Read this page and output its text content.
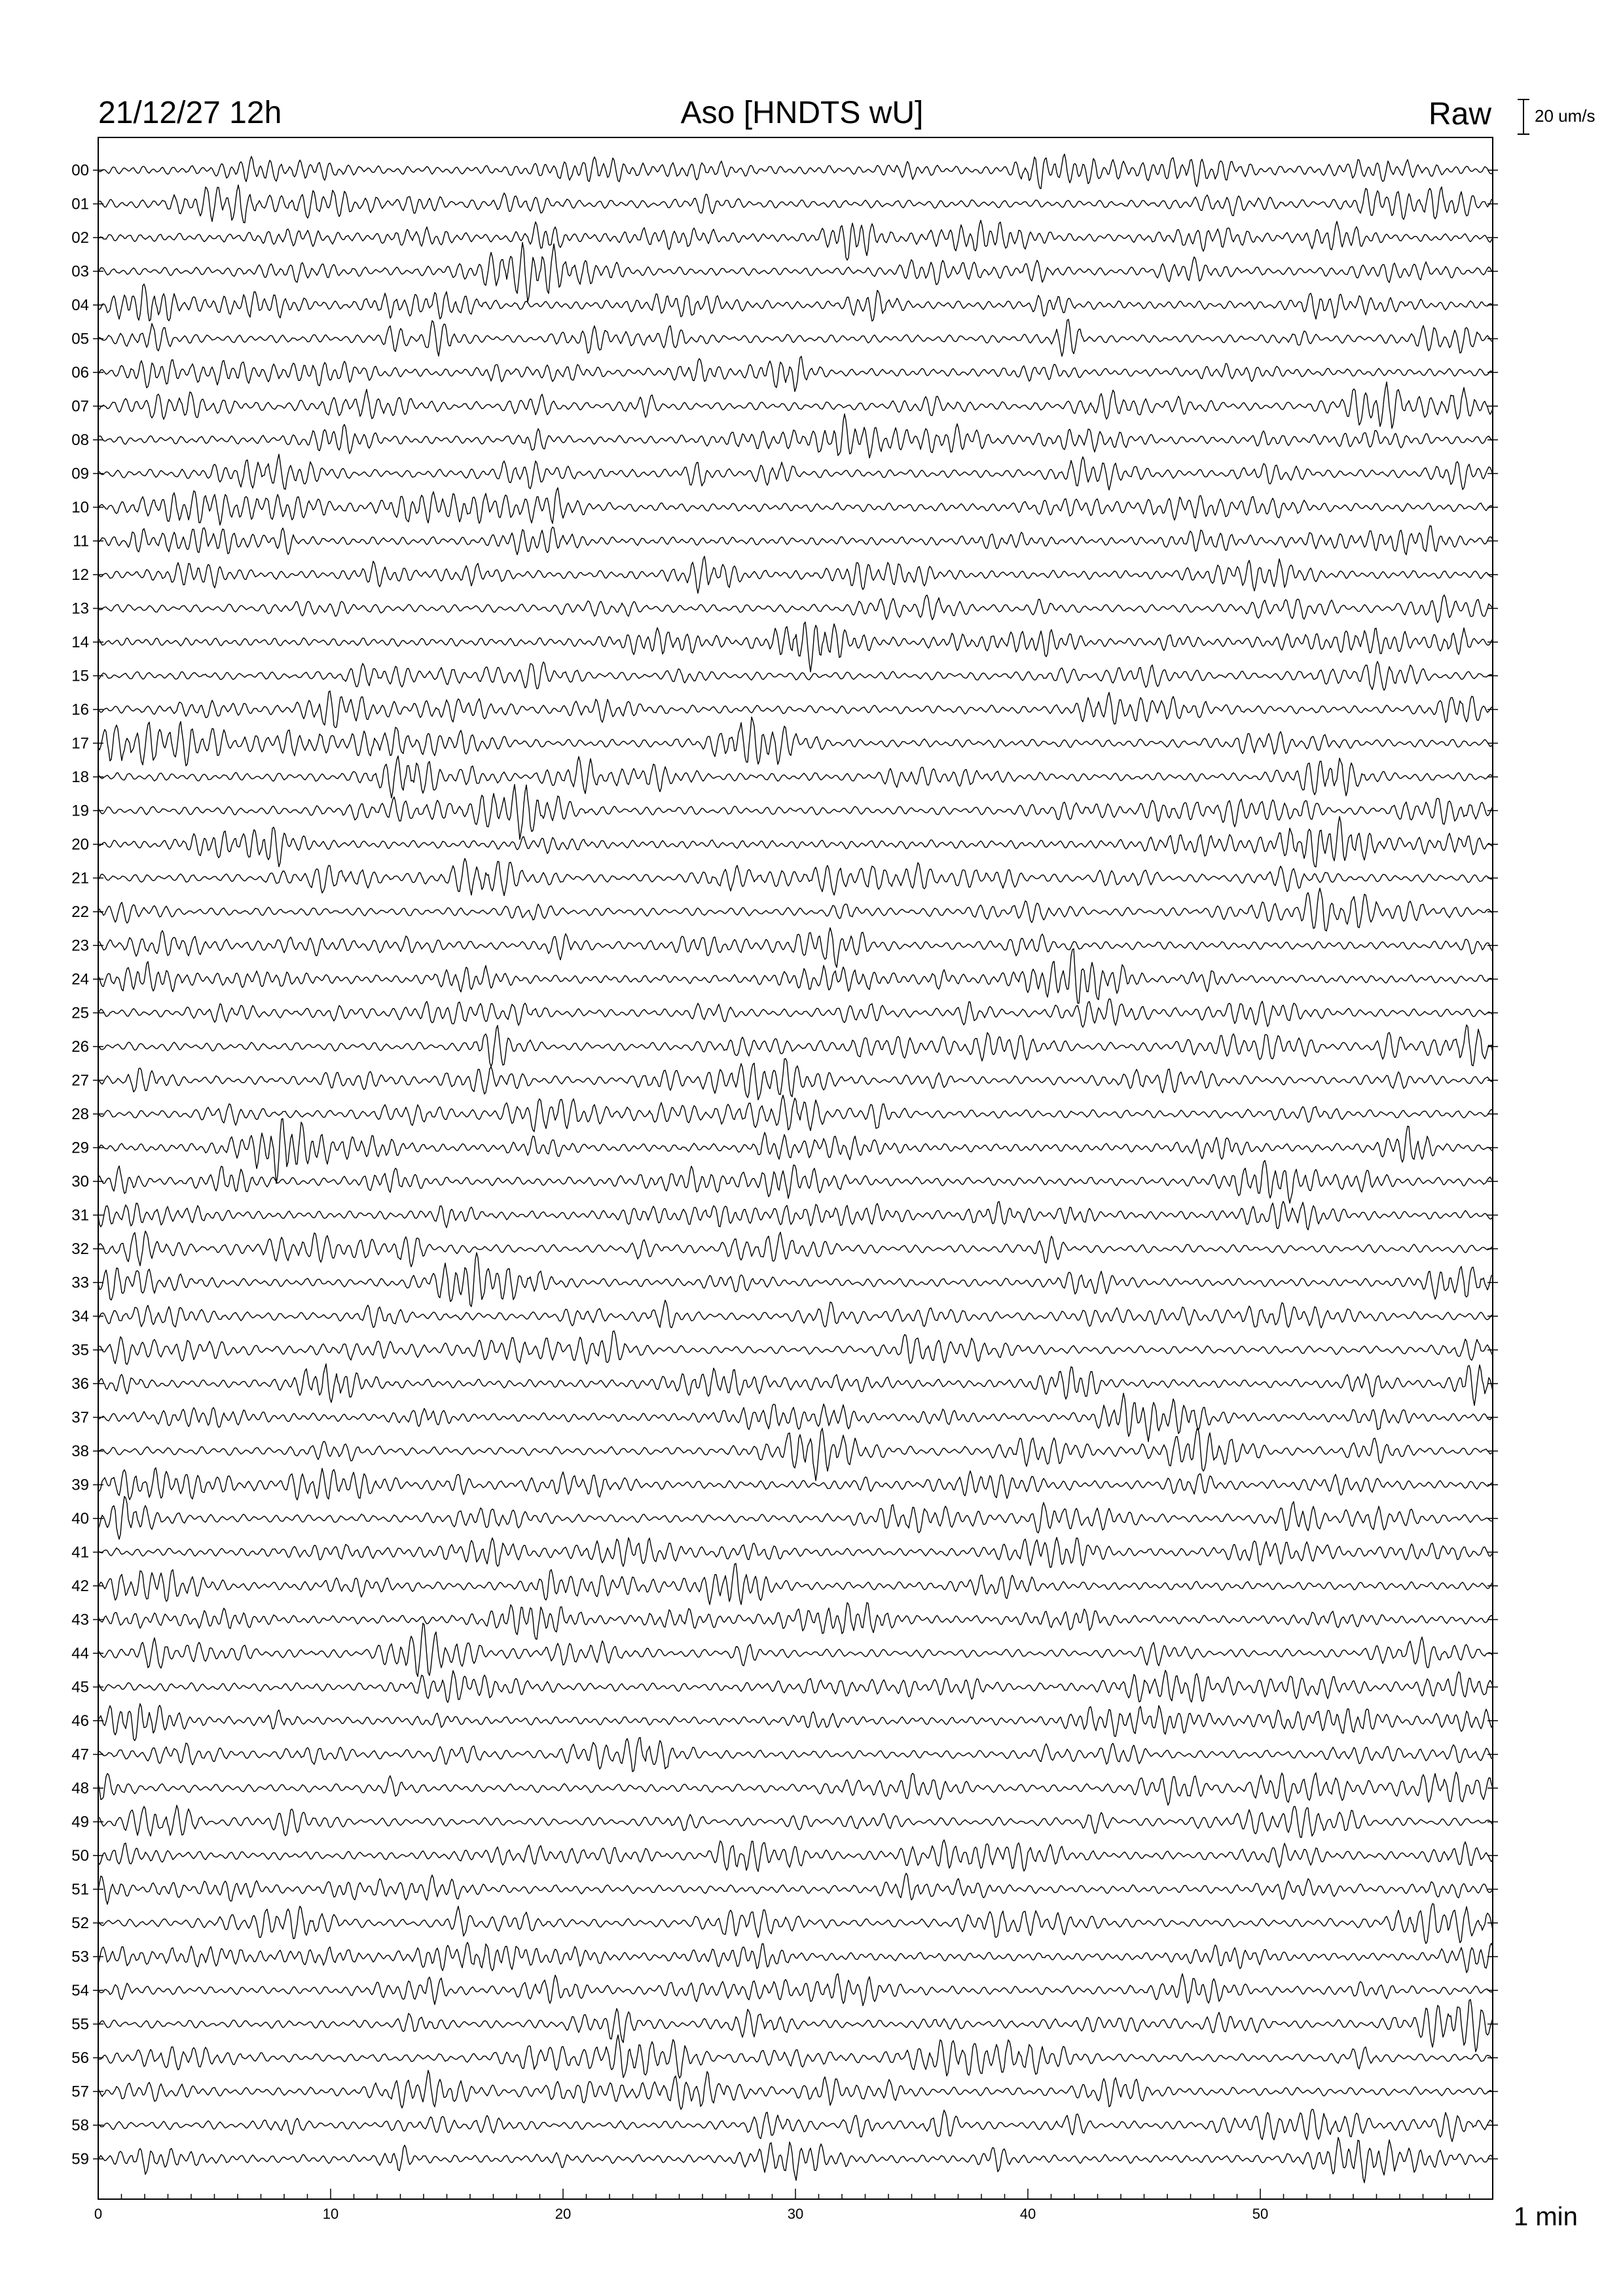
21/12/27 12h	Aso [HNDTS wU]	Raw	20 um/s
00
01
02
03
04
05
06
07
08
09
10
11
12
13
14
15
16
17
18
19
20
21
22
23
24
25
26
27
28
29
30
31
32
33
34
35
36
37
38
39
40
41
42
43
44
45
46
47
48
49
50
51
52
53
54
55
56
57
58
59
0	10	20	30	40	50	1 min
